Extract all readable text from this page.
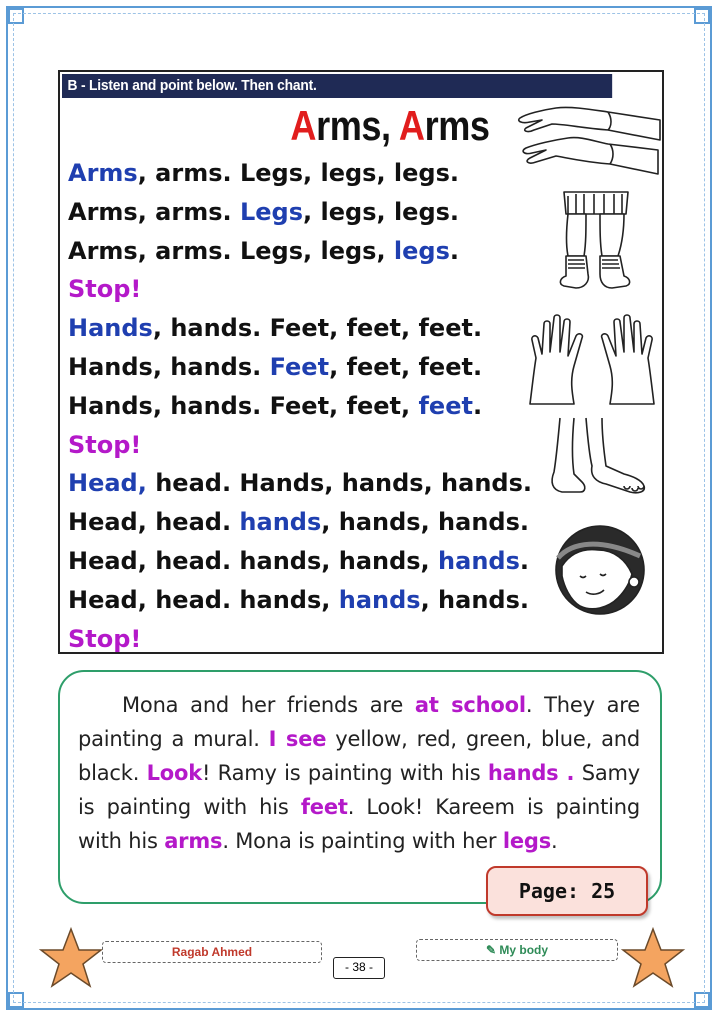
B - Listen and point below. Then chant.
Arms, Arms
Arms, arms. Legs, legs, legs.
Arms, arms. Legs, legs, legs.
Arms, arms. Legs, legs, legs.
Stop!
Hands, hands. Feet, feet, feet.
Hands, hands. Feet, feet, feet.
Hands, hands. Feet, feet, feet.
Stop!
Head, head. Hands, hands, hands.
Head, head. hands, hands, hands.
Head, head. hands, hands, hands.
Head, head. hands, hands, hands.
Stop!
Mona and her friends are at school. They are painting a mural. I see yellow, red, green, blue, and black. Look! Ramy is painting with his hands . Samy is painting with his feet. Look! Kareem is painting with his arms. Mona is painting with her legs.
Page: 25
Ragab Ahmed
- 38 -
✎ My body
